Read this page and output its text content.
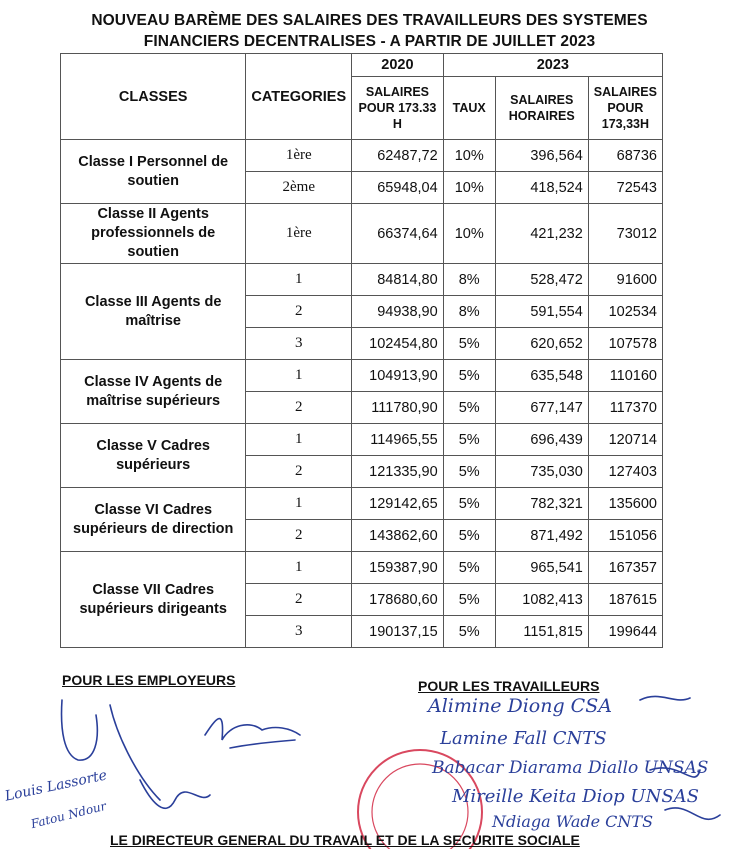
NOUVEAU BARÈME DES SALAIRES DES TRAVAILLEURS DES SYSTEMES
FINANCIERS DECENTRALISES - A PARTIR DE JUILLET 2023
CLASSES	CATEGORIES	2020	2023		
		SALAIRES POUR 173.33 H	TAUX	SALAIRES HORAIRES	SALAIRES POUR 173,33H
Classe I Personnel de soutien	1ère	62487,72	10%	396,564	68736
	2ème	65948,04	10%	418,524	72543
Classe II Agents professionnels de soutien	1ère	66374,64	10%	421,232	73012
Classe III Agents de maîtrise	1	84814,80	8%	528,472	91600
	2	94938,90	8%	591,554	102534
	3	102454,80	5%	620,652	107578
Classe IV Agents de maîtrise supérieurs	1	104913,90	5%	635,548	110160
	2	111780,90	5%	677,147	117370
Classe V Cadres supérieurs	1	114965,55	5%	696,439	120714
	2	121335,90	5%	735,030	127403
Classe VI Cadres supérieurs de direction	1	129142,65	5%	782,321	135600
	2	143862,60	5%	871,492	151056
Classe VII Cadres supérieurs dirigeants	1	159387,90	5%	965,541	167357
	2	178680,60	5%	1082,413	187615
	3	190137,15	5%	1151,815	199644
POUR LES EMPLOYEURS	POUR LES TRAVAILLEURS
Alimine Diong CSA
Lamine Fall CNTS
Babacar Diarama Diallo UNSAS
Mireille Keita Diop UNSAS
Ndiaga Wade CNTS
Louis Lassorte
Fatou Ndour
LE DIRECTEUR GENERAL DU TRAVAIL ET DE LA SECURITE SOCIALE
